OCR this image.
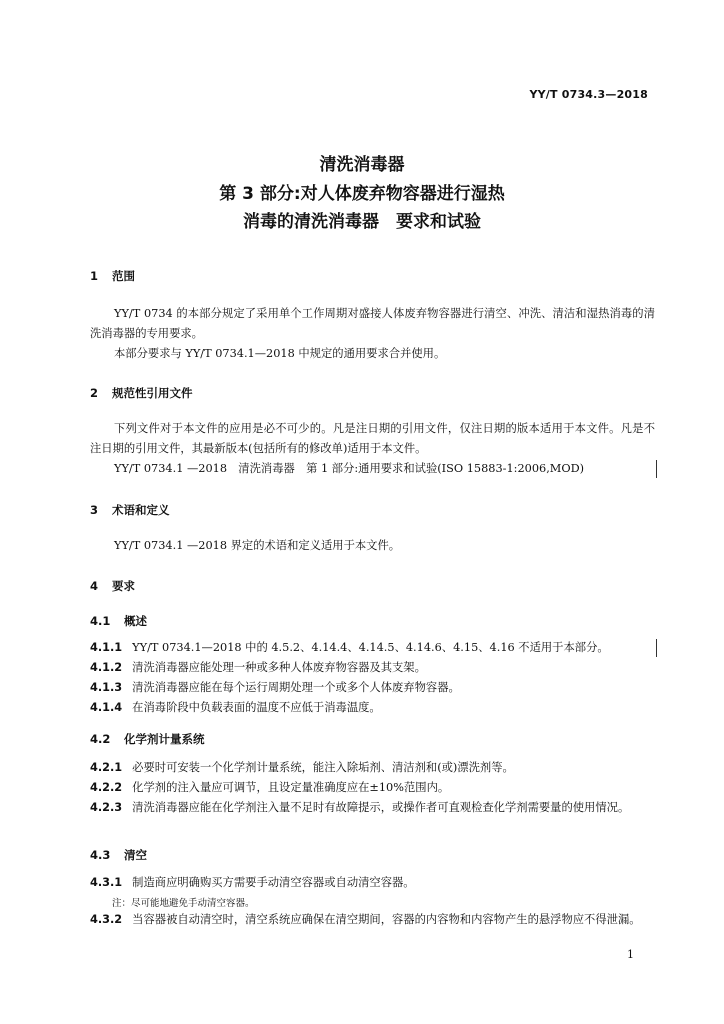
YY/T 0734.3—2018
清洗消毒器
第 3 部分:对人体废弃物容器进行湿热
消毒的清洗消毒器　要求和试验
1 范围
YY/T 0734 的本部分规定了采用单个工作周期对盛接人体废弃物容器进行清空、冲洗、清洁和湿热消毒的清洗消毒器的专用要求。
本部分要求与 YY/T 0734.1—2018 中规定的通用要求合并使用。
2 规范性引用文件
下列文件对于本文件的应用是必不可少的。凡是注日期的引用文件，仅注日期的版本适用于本文件。凡是不注日期的引用文件，其最新版本(包括所有的修改单)适用于本文件。
YY/T 0734.1 —2018　清洗消毒器　第 1 部分:通用要求和试验(ISO 15883-1:2006,MOD)
3 术语和定义
YY/T 0734.1 —2018 界定的术语和定义适用于本文件。
4 要求
4.1 概述
4.1.1 YY/T 0734.1—2018 中的 4.5.2、4.14.4、4.14.5、4.14.6、4.15、4.16 不适用于本部分。
4.1.2 清洗消毒器应能处理一种或多种人体废弃物容器及其支架。
4.1.3 清洗消毒器应能在每个运行周期处理一个或多个人体废弃物容器。
4.1.4 在消毒阶段中负载表面的温度不应低于消毒温度。
4.2 化学剂计量系统
4.2.1 必要时可安装一个化学剂计量系统，能注入除垢剂、清洁剂和(或)漂洗剂等。
4.2.2 化学剂的注入量应可调节，且设定量准确度应在±10%范围内。
4.2.3 清洗消毒器应能在化学剂注入量不足时有故障提示，或操作者可直观检查化学剂需要量的使用情况。
4.3 清空
4.3.1 制造商应明确购买方需要手动清空容器或自动清空容器。
注：尽可能地避免手动清空容器。
4.3.2 当容器被自动清空时，清空系统应确保在清空期间，容器的内容物和内容物产生的悬浮物应不得泄漏。
1
